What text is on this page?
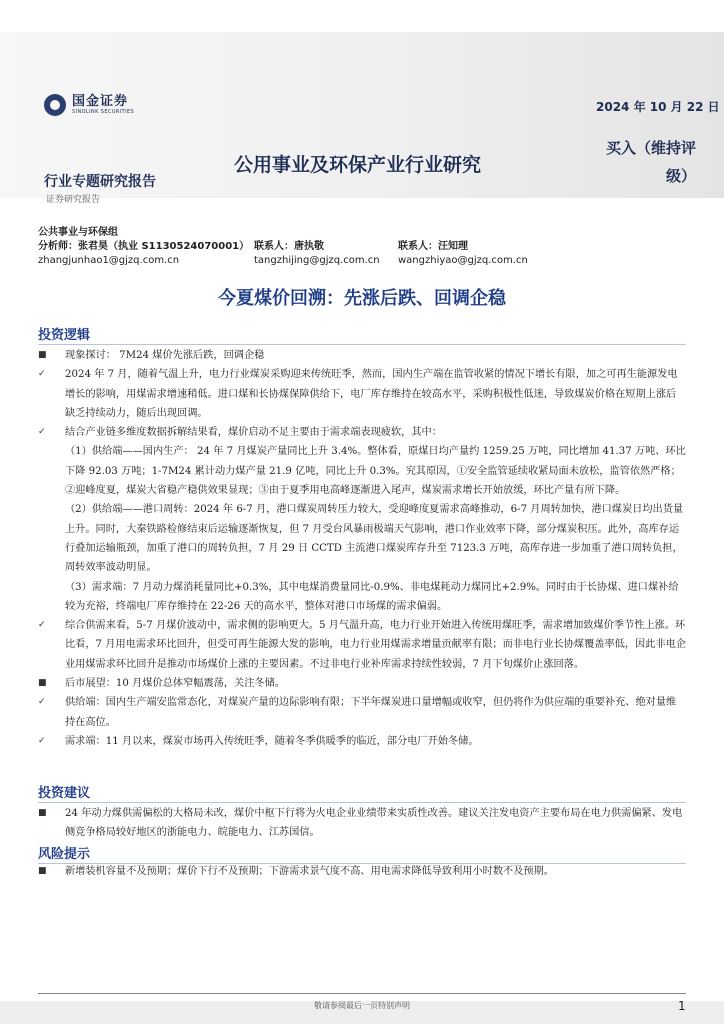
国金证券
SINOLINK SECURITIES
行业专题研究报告
证券研究报告
公用事业及环保产业行业研究
2024 年 10 月 22 日
买入（维持评
级）
公共事业与环保组
分析师：张君昊（执业 S1130524070001） 联系人：唐执敬	联系人：汪知理
zhangjunhao1@gjzq.com.cn	tangzhijing@gjzq.com.cn	wangzhiyao@gjzq.com.cn
今夏煤价回溯：先涨后跌、回调企稳
投资逻辑
■	现象探讨： 7M24 煤价先涨后跌，回调企稳
✓	2024 年 7 月，随着气温上升，电力行业煤炭采购迎来传统旺季，然而，国内生产端在监管收紧的情况下增长有限，加之可再生能源发电增长的影响，用煤需求增速稍低。进口煤和长协煤保障供给下，电厂库存维持在较高水平，采购积极性低迷，导致煤炭价格在短期上涨后缺乏持续动力，随后出现回调。
✓	结合产业链多维度数据拆解结果看，煤价启动不足主要由于需求端表现疲软，其中：
（1）供给端——国内生产： 24 年 7 月煤炭产量同比上升 3.4%。整体看，原煤日均产量约 1259.25 万吨，同比增加 41.37 万吨、环比下降 92.03 万吨；1-7M24 累计动力煤产量 21.9 亿吨，同比上升 0.3%。究其原因，①安全监管延续收紧局面未放松，监管依然严格；②迎峰度夏，煤炭大省稳产稳供效果显现；③由于夏季用电高峰逐渐进入尾声，煤炭需求增长开始放缓，环比产量有所下降。
（2）供给端——港口周转：2024 年 6-7 月，港口煤炭周转压力较大，受迎峰度夏需求高峰推动，6-7 月周转加快，港口煤炭日均出货量上升。同时，大秦铁路检修结束后运输逐渐恢复，但 7 月受台风暴雨极端天气影响，港口作业效率下降，部分煤炭积压。此外，高库存运行叠加运输瓶颈，加重了港口的周转负担，7 月 29 日 CCTD 主流港口煤炭库存升至 7123.3 万吨，高库存进一步加重了港口周转负担，周转效率波动明显。
（3）需求端：7 月动力煤消耗量同比+0.3%，其中电煤消费量同比-0.9%、非电煤耗动力煤同比+2.9%。同时由于长协煤、进口煤补给较为充裕，终端电厂库存维持在 22-26 天的高水平，整体对港口市场煤的需求偏弱。
✓	综合供需来看，5-7 月煤价波动中，需求侧的影响更大。5 月气温升高，电力行业开始进入传统用煤旺季，需求增加致煤价季节性上涨。环比看，7 月用电需求环比回升，但受可再生能源大发的影响，电力行业用煤需求增量贡献率有限；而非电行业长协煤覆盖率低，因此非电企业用煤需求环比回升是推动市场煤价上涨的主要因素。不过非电行业补库需求持续性较弱，7 月下旬煤价止涨回落。
■	后市展望：10 月煤价总体窄幅震荡，关注冬储。
✓	供给端：国内生产端安监常态化，对煤炭产量的边际影响有限；下半年煤炭进口量增幅或收窄，但仍将作为供应端的重要补充、绝对量维持在高位。
✓	需求端：11 月以来，煤炭市场再入传统旺季，随着冬季供暖季的临近，部分电厂开始冬储。
投资建议
■	24 年动力煤供需偏松的大格局未改，煤价中枢下行将为火电企业业绩带来实质性改善。建议关注发电资产主要布局在电力供需偏紧、发电侧竞争格局较好地区的浙能电力、皖能电力、江苏国信。
风险提示
■	新增装机容量不及预期；煤价下行不及预期；下游需求景气度不高、用电需求降低导致利用小时数不及预期。
敬请参阅最后一页特别声明	1
